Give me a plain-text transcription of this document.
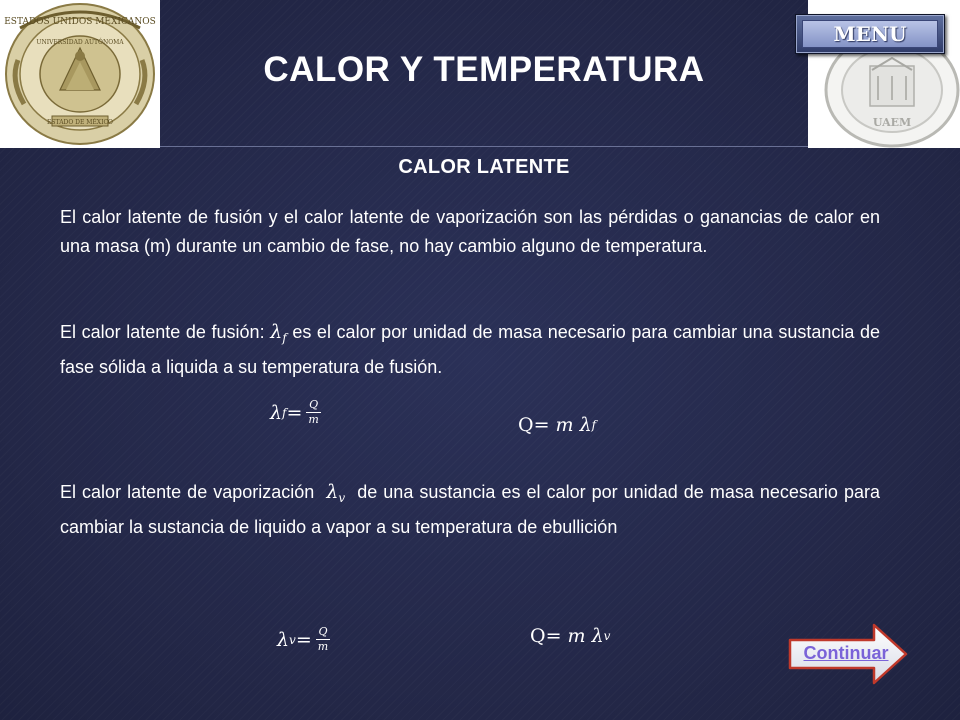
ESTADOS UNIDOS MEXICANOS
UNIVERSIDAD AUTÓNOMA
ESTADO DE MÉXICO	UAEM
CALOR Y TEMPERATURA
MENU
CALOR LATENTE
El calor latente de fusión y el calor latente de vaporización son las pérdidas o ganancias de calor en una masa (m) durante un cambio de fase, no hay cambio alguno de temperatura.
El calor latente de fusión: $\lambda_f$ es el calor por unidad de masa necesario para cambiar una sustancia de fase sólida a liquida a su temperatura de fusión.
λ $f = \frac{Q}{m}$	Q =
m λ f
El calor latente de vaporización $\lambda_v$ de una sustancia es el calor por unidad de masa necesario para cambiar la sustancia de liquido a vapor a su temperatura de ebullición
λ $v = \frac{Q}{m}$	Q =
m λ v
Continuar
